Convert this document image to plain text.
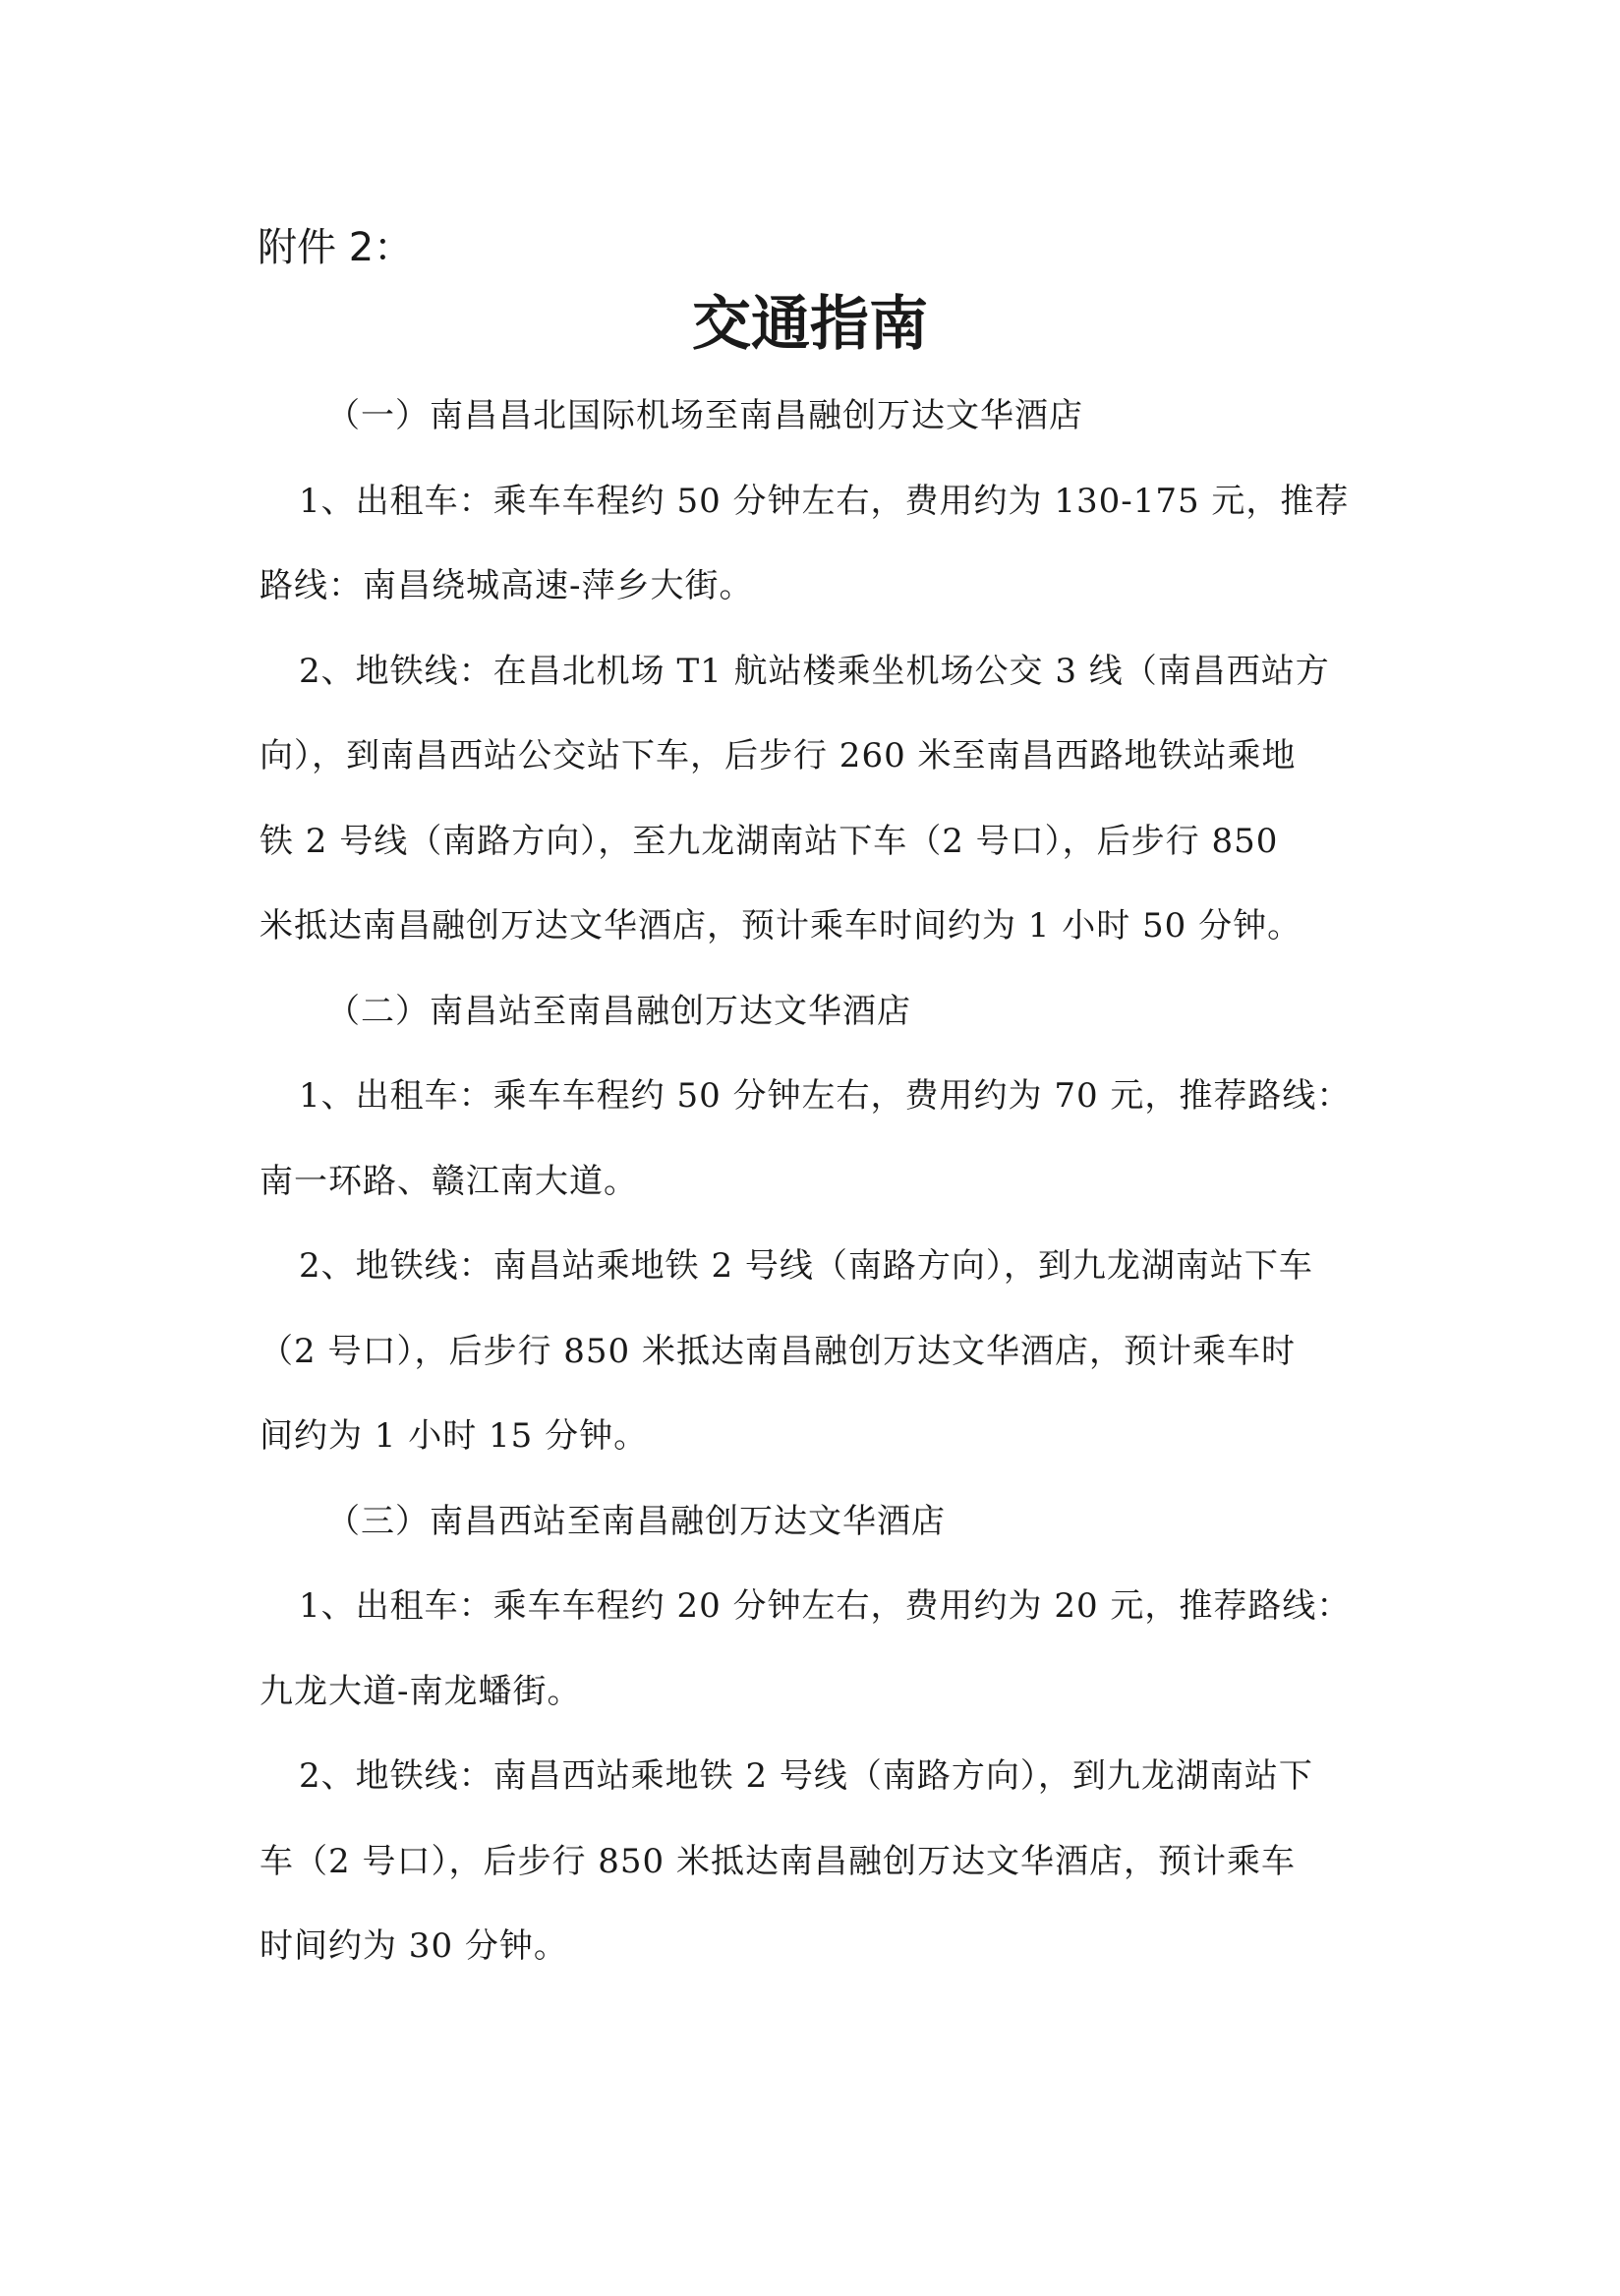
附件 2：
交通指南

（一）南昌昌北国际机场至南昌融创万达文华酒店

1、出租车：乘车车程约 50 分钟左右，费用约为 130-175 元，推荐
路线：南昌绕城高速-萍乡大街。

2、地铁线：在昌北机场 T1 航站楼乘坐机场公交 3 线（南昌西站方
向），到南昌西站公交站下车，后步行 260 米至南昌西路地铁站乘地
铁 2 号线（南路方向），至九龙湖南站下车（2 号口），后步行 850
米抵达南昌融创万达文华酒店，预计乘车时间约为 1 小时 50 分钟。

（二）南昌站至南昌融创万达文华酒店

1、出租车：乘车车程约 50 分钟左右，费用约为 70 元，推荐路线：
南一环路、赣江南大道。

2、地铁线：南昌站乘地铁 2 号线（南路方向），到九龙湖南站下车
（2 号口），后步行 850 米抵达南昌融创万达文华酒店，预计乘车时
间约为 1 小时 15 分钟。

（三）南昌西站至南昌融创万达文华酒店

1、出租车：乘车车程约 20 分钟左右，费用约为 20 元，推荐路线：
九龙大道-南龙蟠街。

2、地铁线：南昌西站乘地铁 2 号线（南路方向），到九龙湖南站下
车（2 号口），后步行 850 米抵达南昌融创万达文华酒店，预计乘车
时间约为 30 分钟。
